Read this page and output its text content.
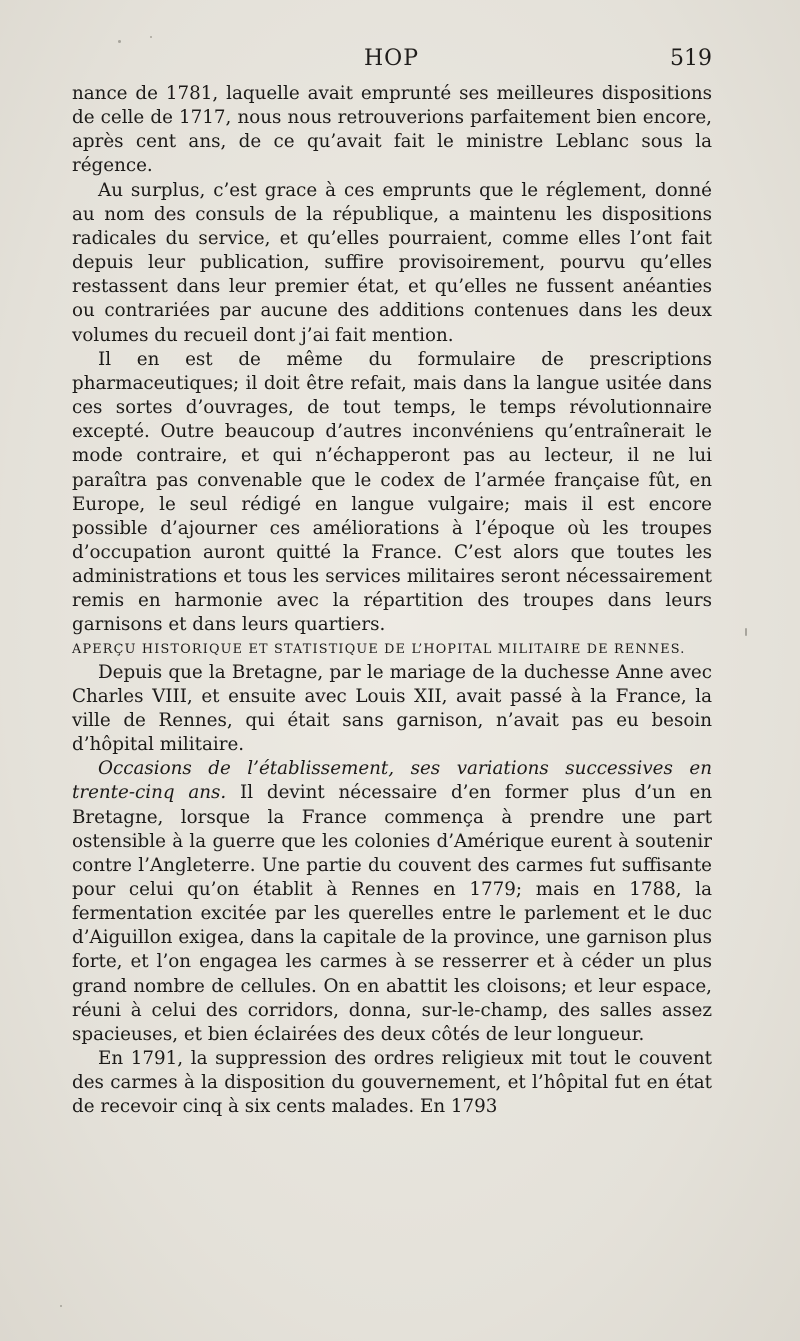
HOP	519

nance de 1781, laquelle avait emprunté ses meilleures dispositions de celle de 1717, nous nous retrouverions parfaitement bien encore, après cent ans, de ce qu’avait fait le ministre Leblanc sous la régence.

Au surplus, c’est grace à ces emprunts que le réglement, donné au nom des consuls de la république, a maintenu les dispositions radicales du service, et qu’elles pourraient, comme elles l’ont fait depuis leur publication, suffire provisoirement, pourvu qu’elles restassent dans leur premier état, et qu’elles ne fussent anéanties ou contrariées par aucune des additions contenues dans les deux volumes du recueil dont j’ai fait mention.

Il en est de même du formulaire de prescriptions pharmaceutiques; il doit être refait, mais dans la langue usitée dans ces sortes d’ouvrages, de tout temps, le temps révolutionnaire excepté. Outre beaucoup d’autres inconvéniens qu’entraînerait le mode contraire, et qui n’échapperont pas au lecteur, il ne lui paraîtra pas convenable que le codex de l’armée française fût, en Europe, le seul rédigé en langue vulgaire; mais il est encore possible d’ajourner ces améliorations à l’époque où les troupes d’occupation auront quitté la France. C’est alors que toutes les administrations et tous les services militaires seront nécessairement remis en harmonie avec la répartition des troupes dans leurs garnisons et dans leurs quartiers.

APERÇU HISTORIQUE ET STATISTIQUE DE L’HOPITAL MILITAIRE DE RENNES.

Depuis que la Bretagne, par le mariage de la duchesse Anne avec Charles VIII, et ensuite avec Louis XII, avait passé à la France, la ville de Rennes, qui était sans garnison, n’avait pas eu besoin d’hôpital militaire.

Occasions de l’établissement, ses variations successives en trente-cinq ans. Il devint nécessaire d’en former plus d’un en Bretagne, lorsque la France commença à prendre une part ostensible à la guerre que les colonies d’Amérique eurent à soutenir contre l’Angleterre. Une partie du couvent des carmes fut suffisante pour celui qu’on établit à Rennes en 1779; mais en 1788, la fermentation excitée par les querelles entre le parlement et le duc d’Aiguillon exigea, dans la capitale de la province, une garnison plus forte, et l’on engagea les carmes à se resserrer et à céder un plus grand nombre de cellules. On en abattit les cloisons; et leur espace, réuni à celui des corridors, donna, sur-le-champ, des salles assez spacieuses, et bien éclairées des deux côtés de leur longueur.

En 1791, la suppression des ordres religieux mit tout le couvent des carmes à la disposition du gouvernement, et l’hôpital fut en état de recevoir cinq à six cents malades. En 1793
